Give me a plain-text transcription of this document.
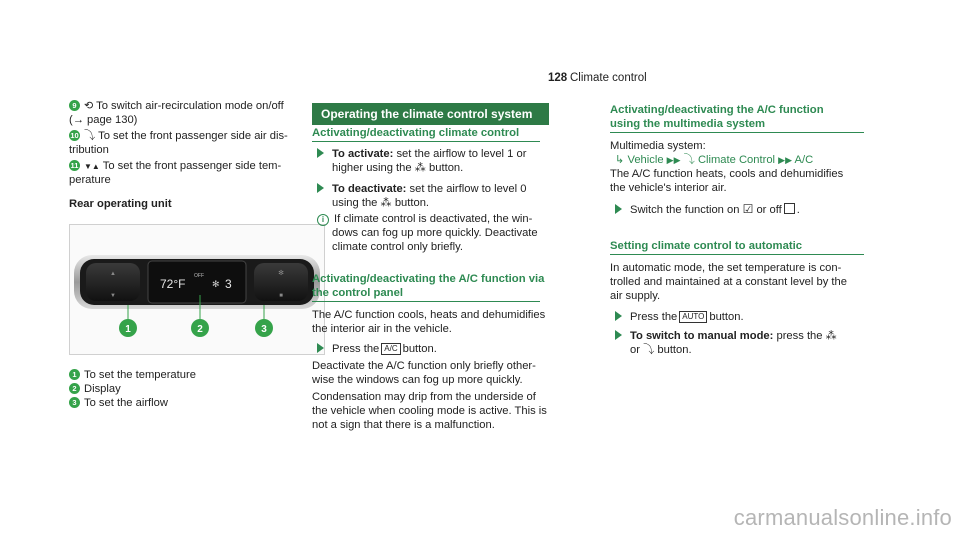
128 Climate control
9 ⟲ To switch air-recirculation mode on/off
(→ page 130)
10 ⤵ To set the front passenger side air dis-
tribution
11 ▼▲ To set the front passenger side tem-
perature
Rear operating unit
▲
▼
72°F
OFF
✻ 3
✻
■
1	2	3
1 To set the temperature
2 Display
3 To set the airflow
Operating the climate control system
Activating/deactivating climate control
To activate: set the airflow to level 1 or
higher using the ⁂ button.
To deactivate: set the airflow to level 0
using the ⁂ button.
i If climate control is deactivated, the win-
dows can fog up more quickly. Deactivate
climate control only briefly.
Activating/deactivating the A/C function via
the control panel
The A/C function cools, heats and dehumidifies
the interior air in the vehicle.
Press the A/C button.
Deactivate the A/C function only briefly other-
wise the windows can fog up more quickly.
Condensation may drip from the underside of
the vehicle when cooling mode is active. This is
not a sign that there is a malfunction.
Activating/deactivating the A/C function
using the multimedia system
Multimedia system:
↳ Vehicle ▶▶ ⤵ Climate Control ▶▶ A/C
The A/C function heats, cools and dehumidifies
the vehicle's interior air.
Switch the function on ☑ or off .
Setting climate control to automatic
In automatic mode, the set temperature is con-
trolled and maintained at a constant level by the
air supply.
Press the AUTO button.
To switch to manual mode: press the ⁂
or ⤵ button.
carmanualsonline.info
